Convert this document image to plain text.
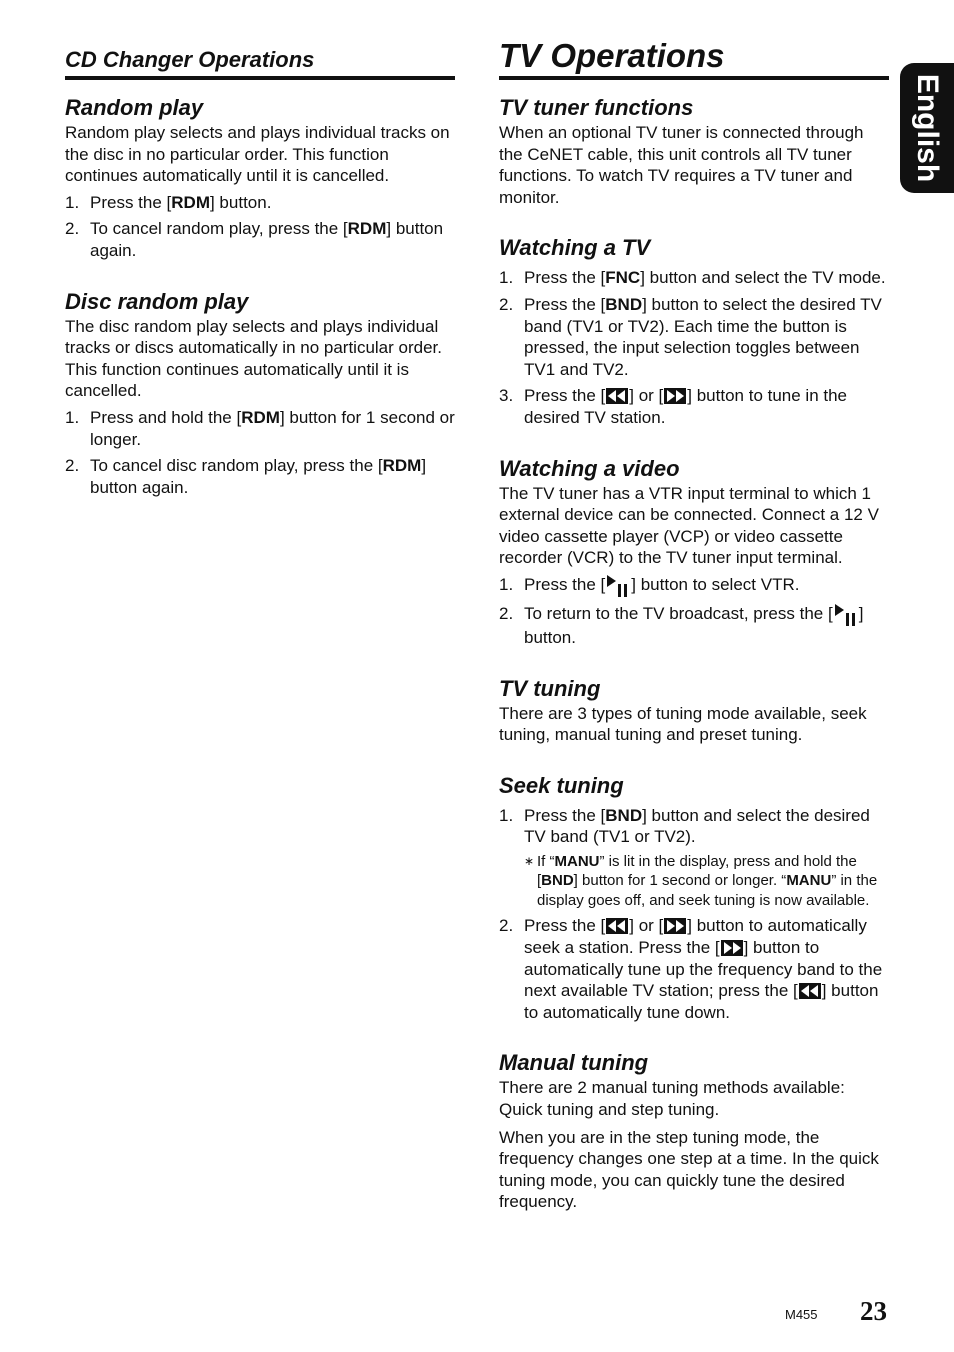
CD Changer Operations
Random play

Random play selects and plays individual tracks on the disc in no particular order. This function continues automatically until it is cancelled.

1. Press the [RDM] button.
2. To cancel random play, press the [RDM] button again.
Disc random play

The disc random play selects and plays individual tracks or discs automatically in no particular order. This function continues automatically until it is cancelled.

1. Press and hold the [RDM] button for 1 second or longer.
2. To cancel disc random play, press the [RDM] button again.
TV Operations
TV tuner functions

When an optional TV tuner is connected through the CeNET cable, this unit controls all TV tuner functions. To watch TV requires a TV tuner and monitor.

Watching a TV
1. Press the [FNC] button and select the TV mode.
2. Press the [BND] button to select the desired TV band (TV1 or TV2). Each time the button is pressed, the input selection toggles between TV1 and TV2.
3. Press the [ ] or [ ] button to tune in the desired TV station.
Watching a video

The TV tuner has a VTR input terminal to which 1 external device can be connected. Connect a 12 V video cassette player (VCP) or video cassette recorder (VCR) to the TV tuner input terminal.

1. Press the [ ] button to select VTR.
2. To return to the TV broadcast, press the [ ] button.
TV tuning

There are 3 types of tuning mode available, seek tuning, manual tuning and preset tuning.

Seek tuning
1. Press the [BND] button and select the desired TV band (TV1 or TV2).
∗ If “MANU” is lit in the display, press and hold the [BND] button for 1 second or longer. “MANU” in the display goes off, and seek tuning is now available.
2. Press the [ ] or [ ] button to automatically seek a station. Press the [ ] button to automatically tune up the frequency band to the next available TV station; press the [ ] button to automatically tune down.
Manual tuning

There are 2 manual tuning methods available: Quick tuning and step tuning.

When you are in the step tuning mode, the frequency changes one step at a time. In the quick tuning mode, you can quickly tune the desired frequency.

English
M455 23
